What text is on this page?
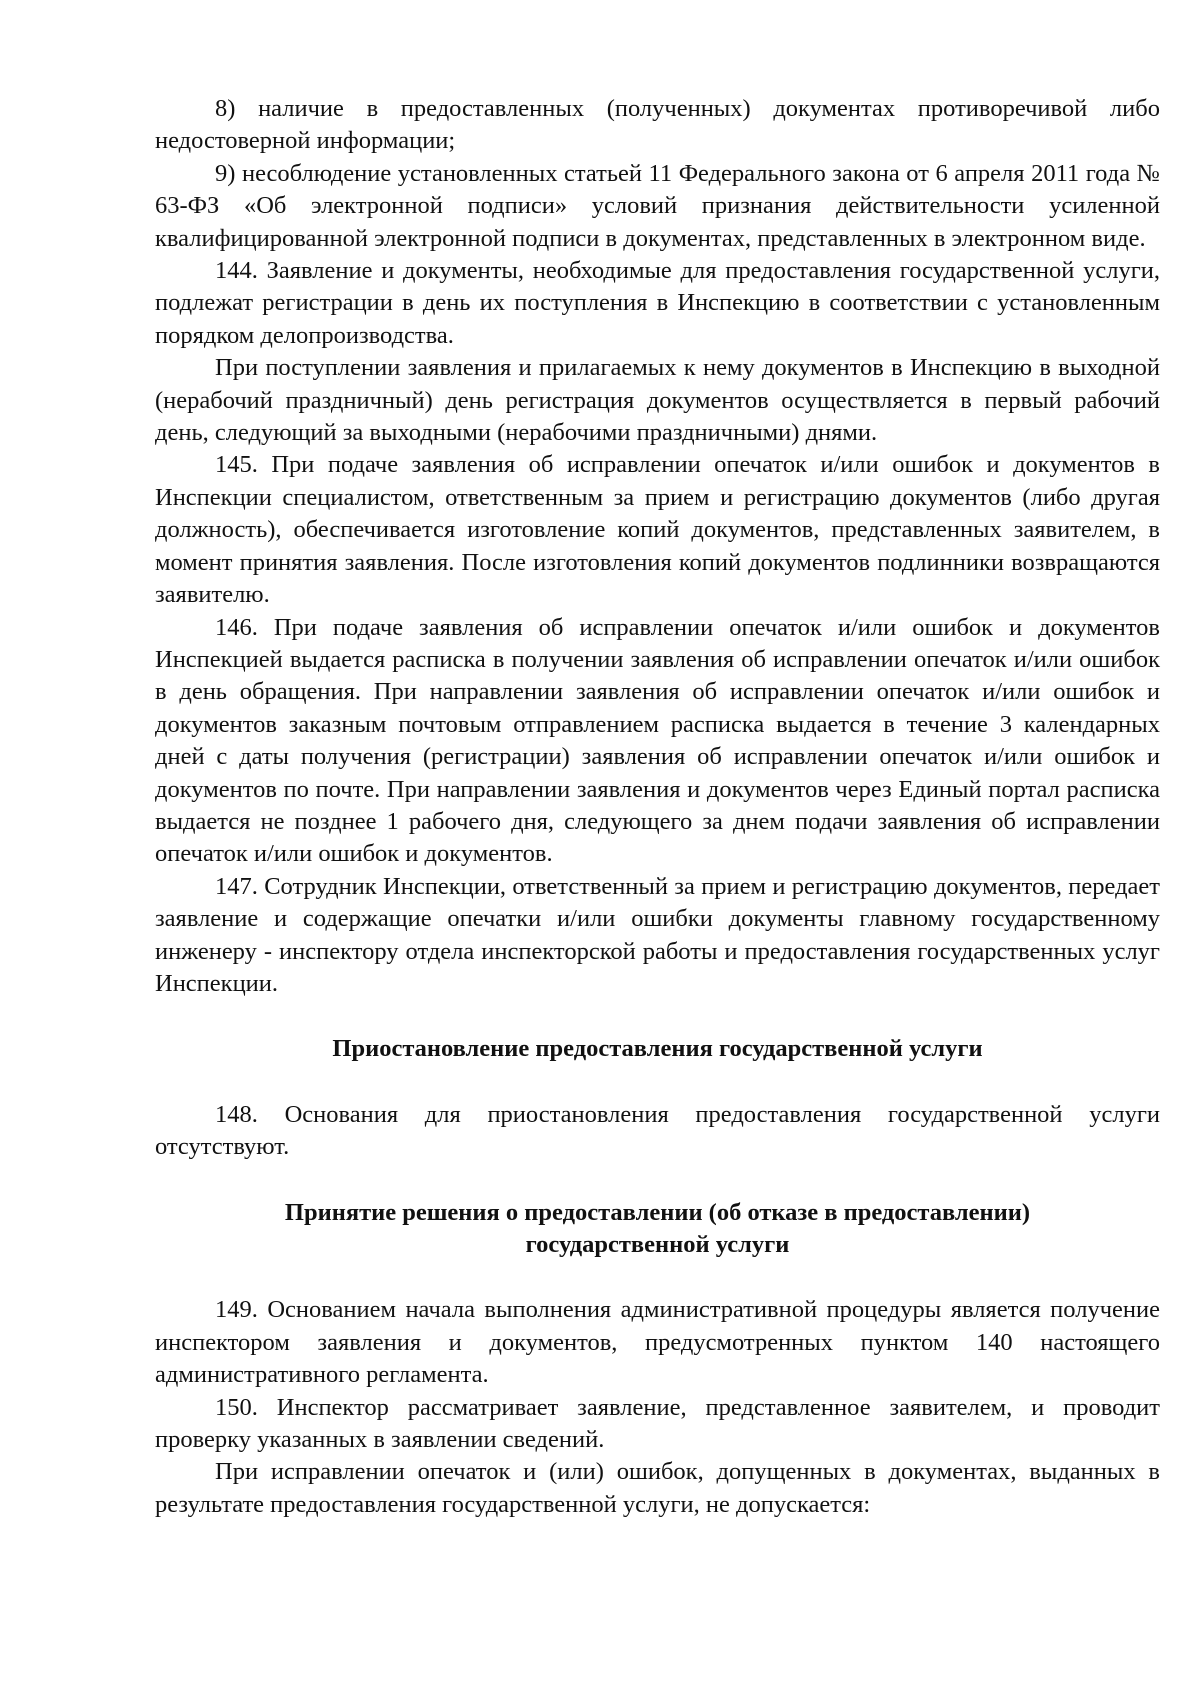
8) наличие в предоставленных (полученных) документах противоречивой либо недостоверной информации;

9) несоблюдение установленных статьей 11 Федерального закона от 6 апреля 2011 года № 63-ФЗ «Об электронной подписи» условий признания действительности усиленной квалифицированной электронной подписи в документах, представленных в электронном виде.

144. Заявление и документы, необходимые для предоставления государственной услуги, подлежат регистрации в день их поступления в Инспекцию в соответствии с установленным порядком делопроизводства.

При поступлении заявления и прилагаемых к нему документов в Инспекцию в выходной (нерабочий праздничный) день регистрация документов осуществляется в первый рабочий день, следующий за выходными (нерабочими праздничными) днями.

145. При подаче заявления об исправлении опечаток и/или ошибок и документов в Инспекции специалистом, ответственным за прием и регистрацию документов (либо другая должность), обеспечивается изготовление копий документов, представленных заявителем, в момент принятия заявления. После изготовления копий документов подлинники возвращаются заявителю.

146. При подаче заявления об исправлении опечаток и/или ошибок и документов Инспекцией выдается расписка в получении заявления об исправлении опечаток и/или ошибок в день обращения. При направлении заявления об исправлении опечаток и/или ошибок и документов заказным почтовым отправлением расписка выдается в течение 3 календарных дней с даты получения (регистрации) заявления об исправлении опечаток и/или ошибок и документов по почте. При направлении заявления и документов через Единый портал расписка выдается не позднее 1 рабочего дня, следующего за днем подачи заявления об исправлении опечаток и/или ошибок и документов.

147. Сотрудник Инспекции, ответственный за прием и регистрацию документов, передает заявление и содержащие опечатки и/или ошибки документы главному государственному инженеру - инспектору отдела инспекторской работы и предоставления государственных услуг Инспекции.

Приостановление предоставления государственной услуги

148. Основания для приостановления предоставления государственной услуги отсутствуют.

Принятие решения о предоставлении (об отказе в предоставлении)
государственной услуги

149. Основанием начала выполнения административной процедуры является получение инспектором заявления и документов, предусмотренных пунктом 140 настоящего административного регламента.

150. Инспектор рассматривает заявление, представленное заявителем, и проводит проверку указанных в заявлении сведений.

При исправлении опечаток и (или) ошибок, допущенных в документах, выданных в результате предоставления государственной услуги, не допускается:
